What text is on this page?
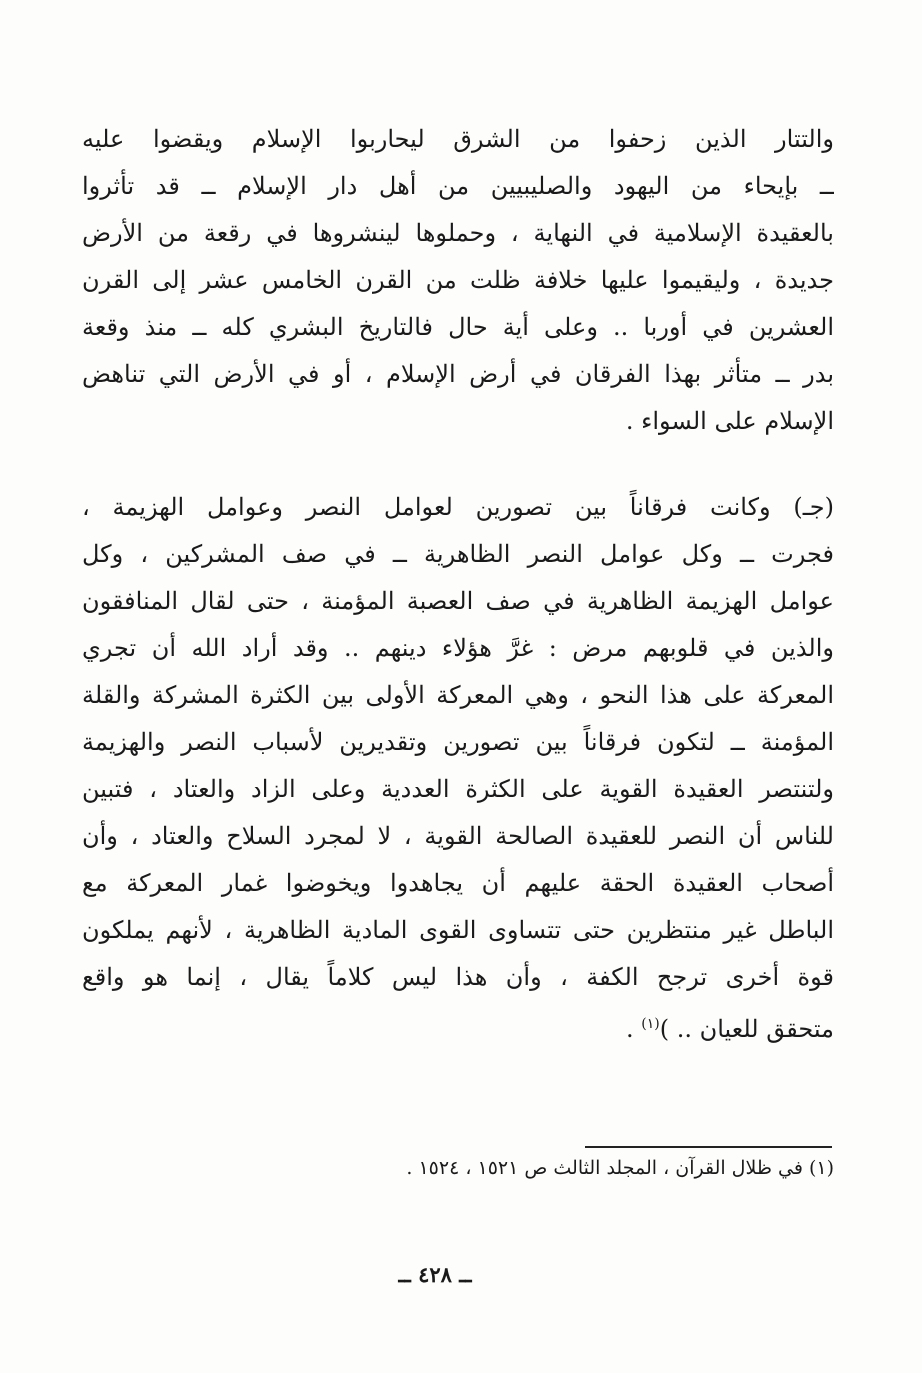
والتتار الذين زحفوا من الشرق ليحاربوا الإسلام ويقضوا عليه
ــ بإيحاء من اليهود والصليبيين من أهل دار الإسلام ــ قد تأثروا
بالعقيدة الإسلامية في النهاية ، وحملوها لينشروها في رقعة من الأرض
جديدة ، وليقيموا عليها خلافة ظلت من القرن الخامس عشر إلى القرن
العشرين في أوربا .. وعلى أية حال فالتاريخ البشري كله ــ منذ وقعة
بدر ــ متأثر بهذا الفرقان في أرض الإسلام ، أو في الأرض التي تناهض
الإسلام على السواء .
(جـ) وكانت فرقاناً بين تصورين لعوامل النصر وعوامل الهزيمة ،
فجرت ــ وكل عوامل النصر الظاهرية ــ في صف المشركين ، وكل
عوامل الهزيمة الظاهرية في صف العصبة المؤمنة ، حتى لقال المنافقون
والذين في قلوبهم مرض : غرَّ هؤلاء دينهم .. وقد أراد الله أن تجري
المعركة على هذا النحو ، وهي المعركة الأولى بين الكثرة المشركة والقلة
المؤمنة ــ لتكون فرقاناً بين تصورين وتقديرين لأسباب النصر والهزيمة
ولتنتصر العقيدة القوية على الكثرة العددية وعلى الزاد والعتاد ، فتبين
للناس أن النصر للعقيدة الصالحة القوية ، لا لمجرد السلاح والعتاد ، وأن
أصحاب العقيدة الحقة عليهم أن يجاهدوا ويخوضوا غمار المعركة مع
الباطل غير منتظرين حتى تتساوى القوى المادية الظاهرية ، لأنهم يملكون
قوة أخرى ترجح الكفة ، وأن هذا ليس كلاماً يقال ، إنما هو واقع
متحقق للعيان .. )$^{(١)}$ .
(١) في ظلال القرآن ، المجلد الثالث ص ١٥٢١ ، ١٥٢٤ .
ــ ٤٢٨ ــ
